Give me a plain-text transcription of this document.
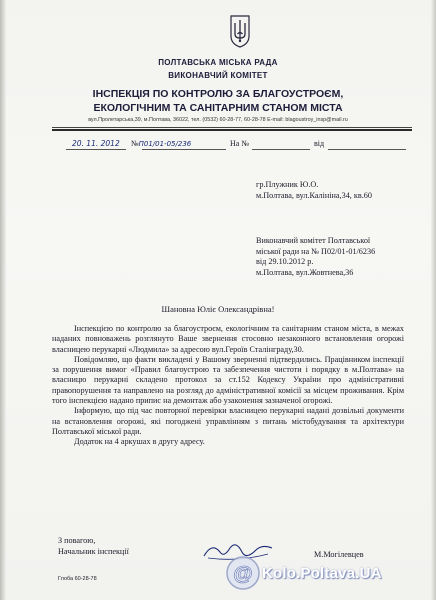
ПОЛТАВСЬКА МІСЬКА РАДА
ВИКОНАВЧИЙ КОМІТЕТ
ІНСПЕКЦІЯ ПО КОНТРОЛЮ ЗА БЛАГОУСТРОЄМ,
ЕКОЛОГІЧНИМ ТА САНІТАРНИМ СТАНОМ МІСТА
вул.Пролетарська,39, м.Полтава, 36022, тел. (0532) 60-28-77, 60-28-78 E-mail: blagoustroy_insp@mail.ru
20. 11. 2012 №П01/01-05/236	На №	від
гр.Плужник Ю.О.
м.Полтава, вул.Калініна,34, кв.60
Виконавчий комітет Полтавської
міської ради на № П02/01-01/6236
від 29.10.2012 р.
м.Полтава, вул.Жовтнева,36
Шановна Юліє Олександрівна!

Інспекцією по контролю за благоустроєм, екологічним та санітарним станом міста, в межах наданих повноважень розглянуто Ваше звернення стосовно незаконного встановлення огорожі власницею перукарні «Людмила» за адресою вул.Героїв Сталінграду,30.

Повідомляю, що факти викладені у Вашому зверненні підтвердились. Працівником інспекції за порушення вимог «Правил благоустрою та забезпечення чистоти і порядку в м.Полтава» на власницю перукарні складено протокол за ст.152 Кодексу України про адміністративні правопорушення та направлено на розгляд до адміністративної комісії за місцем проживання. Крім того інспекцією надано припис на демонтаж або узаконення зазначеної огорожі.

Інформую, що під час повторної перевірки власницею перукарні надані дозвільні документи на встановлення огорожі, які погоджені управлінням з питань містобудування та архітектури Полтавської міської ради.

Додаток на 4 аркушах в другу адресу.

З повагою,
Начальник інспекції	М.Могілевцев
Глоба 60-28-78	@ Kolo.Poltava.UA
